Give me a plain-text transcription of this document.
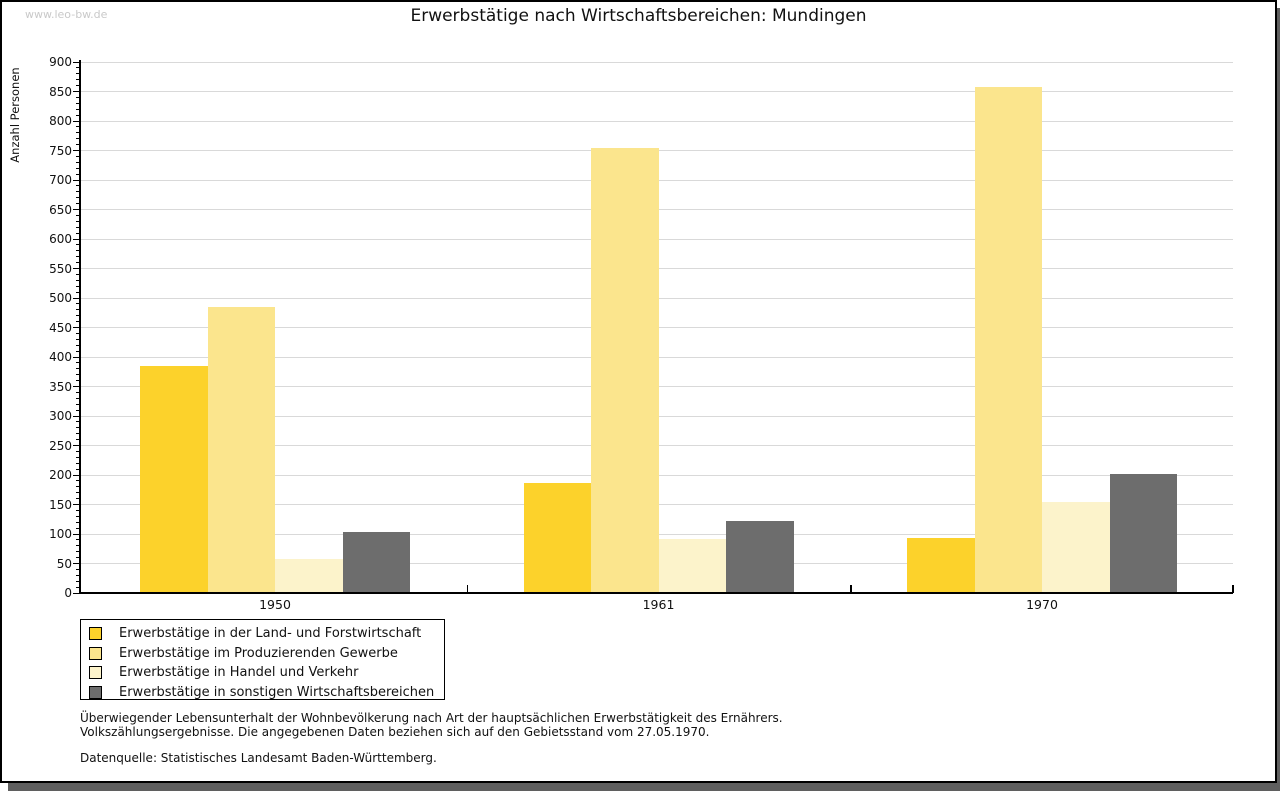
www.leo-bw.de	Erwerbstätige nach Wirtschaftsbereichen: Mundingen
Anzahl Personen
0
50
100
150
200
250
300
350
400
450
500
550
600
650
700
750
800
850
900
1950	1961	1970
Erwerbstätige in der Land- und Forstwirtschaft
Erwerbstätige im Produzierenden Gewerbe
Erwerbstätige in Handel und Verkehr
Erwerbstätige in sonstigen Wirtschaftsbereichen
Überwiegender Lebensunterhalt der Wohnbevölkerung nach Art der hauptsächlichen Erwerbstätigkeit des Ernährers.
Volkszählungsergebnisse. Die angegebenen Daten beziehen sich auf den Gebietsstand vom 27.05.1970.
Datenquelle: Statistisches Landesamt Baden-Württemberg.
